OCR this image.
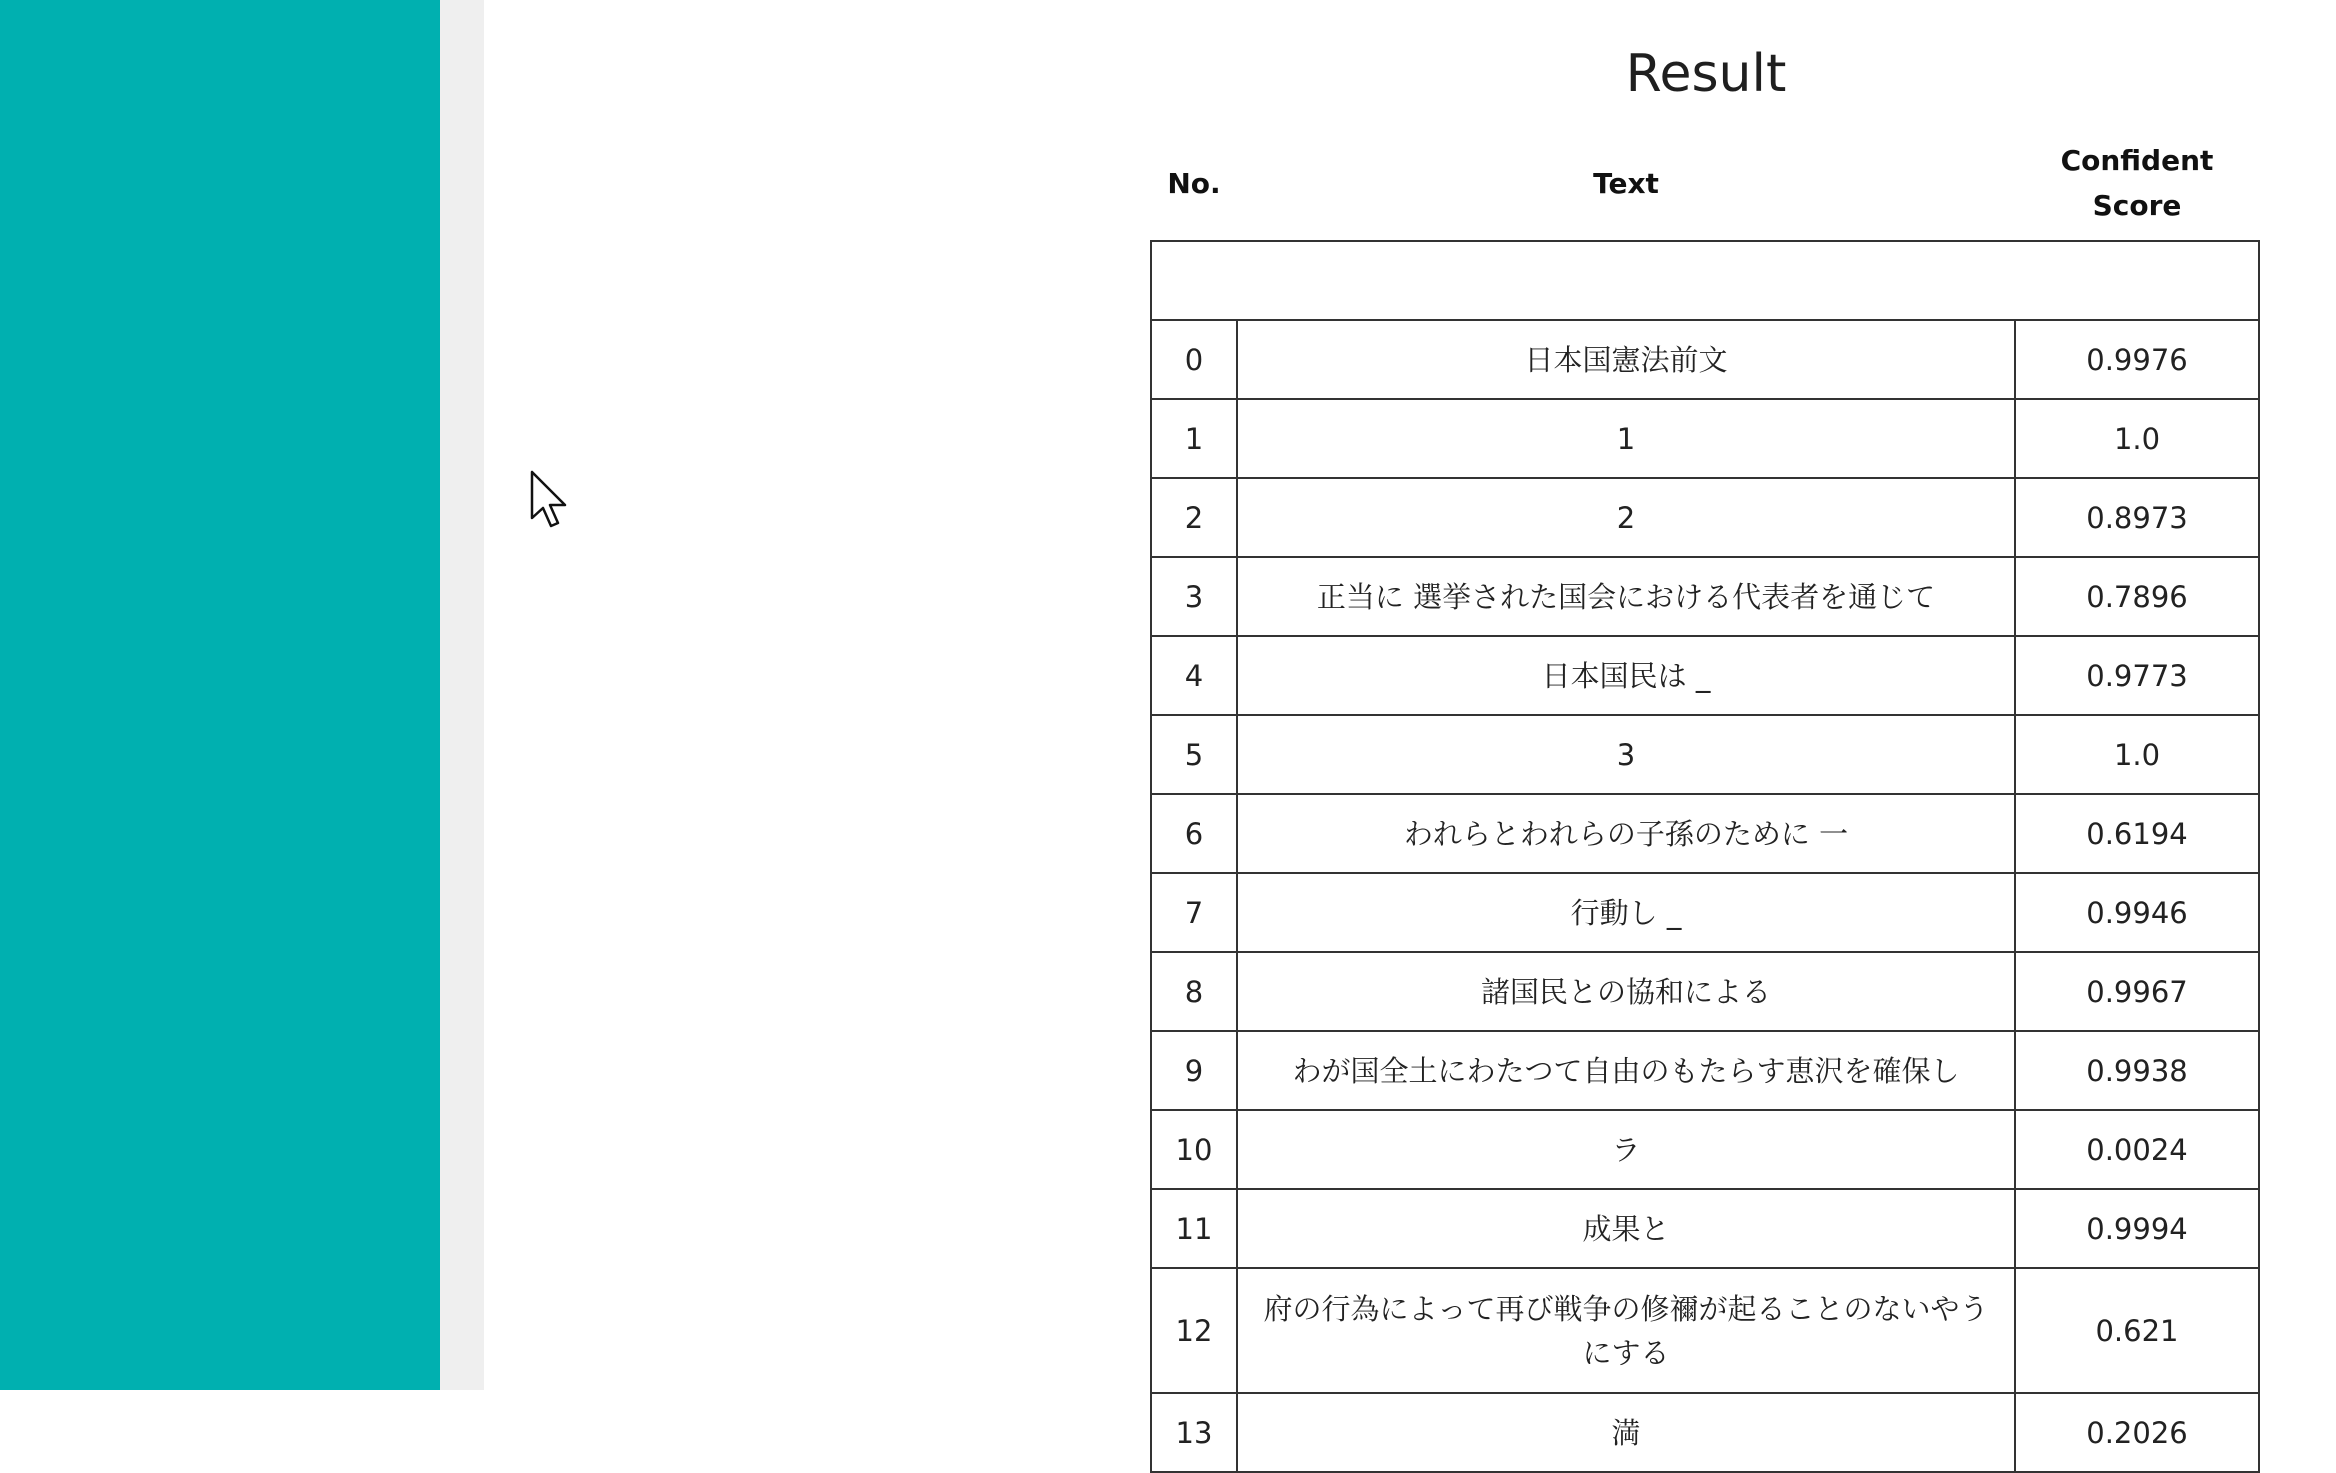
Result
No.	Text	Confident
Score

0	日本国憲法前文	0.9976
1	1	1.0
2	2	0.8973
3	正当に 選挙された国会における代表者を通じて	0.7896
4	日本国民は _	0.9773
5	3	1.0
6	われらとわれらの子孫のために 一	0.6194
7	行動し _	0.9946
8	諸国民との協和による	0.9967
9	わが国全土にわたつて自由のもたらす恵沢を確保し	0.9938
10	ラ	0.0024
11	成果と	0.9994
12	府の行為によって再び戦争の修禰が起ることのないやうにする	0.621
13	満	0.2026
